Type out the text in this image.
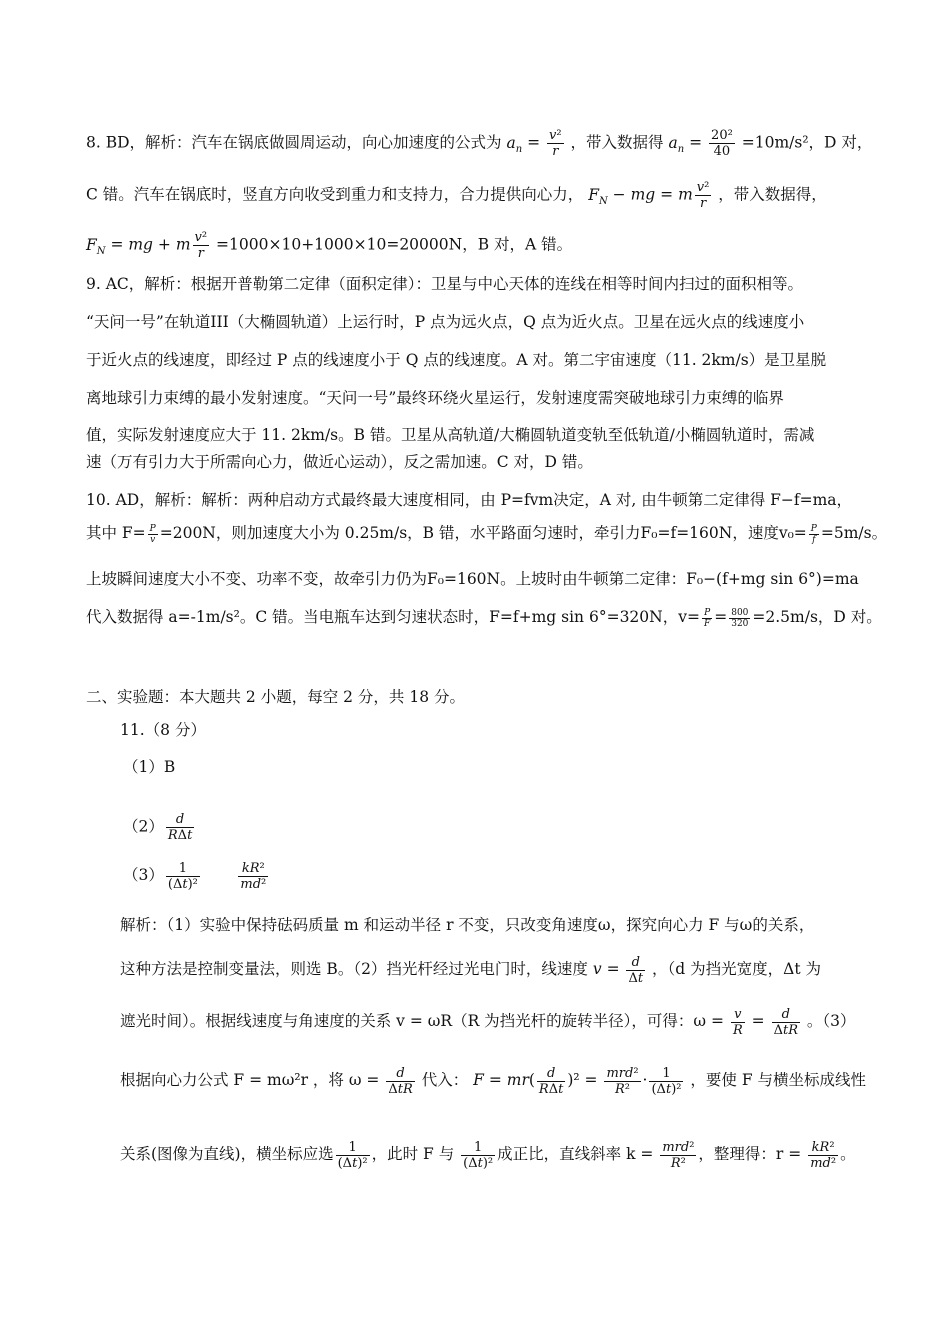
8. BD，解析：汽车在锅底做圆周运动，向心加速度的公式为 $a_n = \frac{\text{v²}}{r}$ ，带入数据得 $a_n = \frac{\text{20²}}{40} =10m/s^2$，D 对，
C 错。汽车在锅底时，竖直方向收受到重力和支持力，合力提供向心力， $F_N$ − mg = m $\frac{\text{v²}}{r}$ ，带入数据得，
$F_N$ = mg + m $\frac{\text{v²}}{r} =1000\times 10+1000\times 10=20000N$，B 对，A 错。
9. AC，解析：根据开普勒第二定律（面积定律）：卫星与中心天体的连线在相等时间内扫过的面积相等。
“天问一号”在轨道III（大椭圆轨道）上运行时，P 点为远火点，Q 点为近火点。卫星在远火点的线速度小
于近火点的线速度，即经过 P 点的线速度小于 Q 点的线速度。A 对。第二宇宙速度（11. 2km/s）是卫星脱
离地球引力束缚的最小发射速度。“天问一号”最终环绕火星运行，发射速度需突破地球引力束缚的临界
值，实际发射速度应大于 11. 2km/s。B 错。卫星从高轨道/大椭圆轨道变轨至低轨道/小椭圆轨道时，需减
速（万有引力大于所需向心力，做近心运动），反之需加速。C 对，D 错。
10. AD，解析：解析：两种启动方式最终最大速度相同，由 P=fvm决定，A 对, 由牛顿第二定律得 F−f=ma，
其中 $F= \frac{P}{v} =200N$，则加速度大小为 0.25m/s，B 错，水平路面匀速时，牵引力F₀=f=160N，速度$v_0= \frac{P}{f} =5m/s$。
上坡瞬间速度大小不变、功率不变，故牵引力仍为F₀=160N。上坡时由牛顿第二定律：F₀−(f+mg sin 6°)=ma
代入数据得 a=-1m/s²。C 错。当电瓶车达到匀速状态时，F=f+mg sin 6°=320N，$v= \frac{P}{F} = \frac{800}{320} =2.5m/s$，D 对。
二、实验题：本大题共 2 小题，每空 2 分，共 18 分。
11.（8 分）
（1）B
$(2) \frac{d}{\text{RΔt}}$
$(3) \frac{1}{\text{(Δt)²}}$
	$\frac{\text{kR²}}{\text{md²}}$
解析：（1）实验中保持砝码质量 m 和运动半径 r 不变，只改变角速度ω，探究向心力 F 与ω的关系，
这种方法是控制变量法，则选 B。（2）挡光杆经过光电门时，线速度 $v = \frac{d}{\Delta t}$ ，（d 为挡光宽度，Δt 为
遮光时间）。根据线速度与角速度的关系 v = ωR（R 为挡光杆的旋转半径），可得：$\omega = \frac{v}{R} = \frac{d}{\text{ΔtR}}$ 。（3）
根据向心力公式 F = mω²r ，将 $\omega = \frac{d}{\text{ΔtR}}$ 代入： $F = mr( \frac{d}{\text{RΔt}} )^2 = \frac{\text{mrd²}}{\text{R²}} \cdot \frac{1}{\text{(Δt)²}}$ ，要使 F 与横坐标成线性
关系(图像为直线)，横坐标应选 $\frac{1}{\text{(Δt)²}}$ ，此时 F 与 $\frac{1}{\text{(Δt)²}}$ 成正比，直线斜率 $k = \frac{\text{mrd²}}{\text{R²}}$ ，整理得：$r = \frac{\text{kR²}}{\text{md²}}$ 。
